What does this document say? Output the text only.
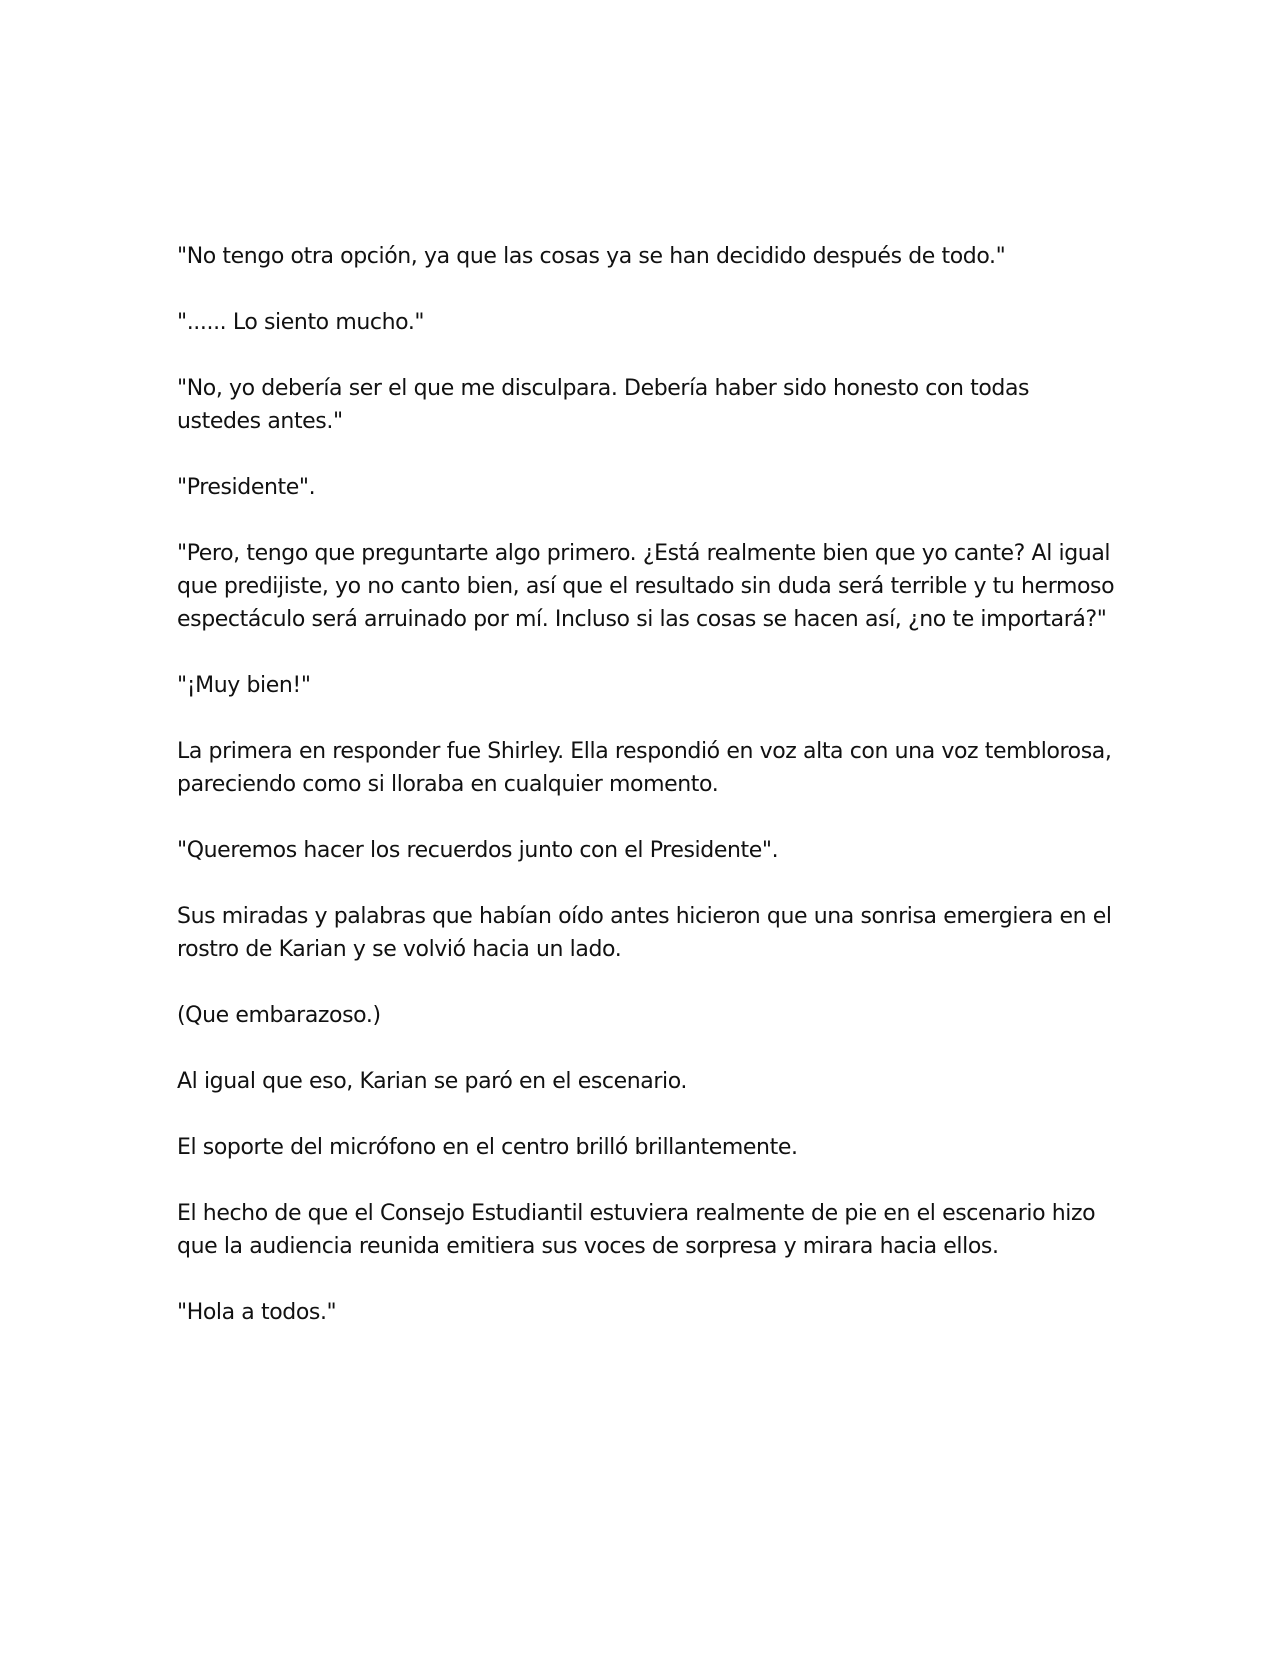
"No tengo otra opción, ya que las cosas ya se han decidido después de todo."

"...... Lo siento mucho."

"No, yo debería ser el que me disculpara. Debería haber sido honesto con todas ustedes antes."

"Presidente".

"Pero, tengo que preguntarte algo primero. ¿Está realmente bien que yo cante? Al igual que predijiste, yo no canto bien, así que el resultado sin duda será terrible y tu hermoso espectáculo será arruinado por mí. Incluso si las cosas se hacen así, ¿no te importará?"

"¡Muy bien!"

La primera en responder fue Shirley. Ella respondió en voz alta con una voz temblorosa, pareciendo como si lloraba en cualquier momento.

"Queremos hacer los recuerdos junto con el Presidente".

Sus miradas y palabras que habían oído antes hicieron que una sonrisa emergiera en el rostro de Karian y se volvió hacia un lado.

(Que embarazoso.)

Al igual que eso, Karian se paró en el escenario.

El soporte del micrófono en el centro brilló brillantemente.

El hecho de que el Consejo Estudiantil estuviera realmente de pie en el escenario hizo que la audiencia reunida emitiera sus voces de sorpresa y mirara hacia ellos.

"Hola a todos."
